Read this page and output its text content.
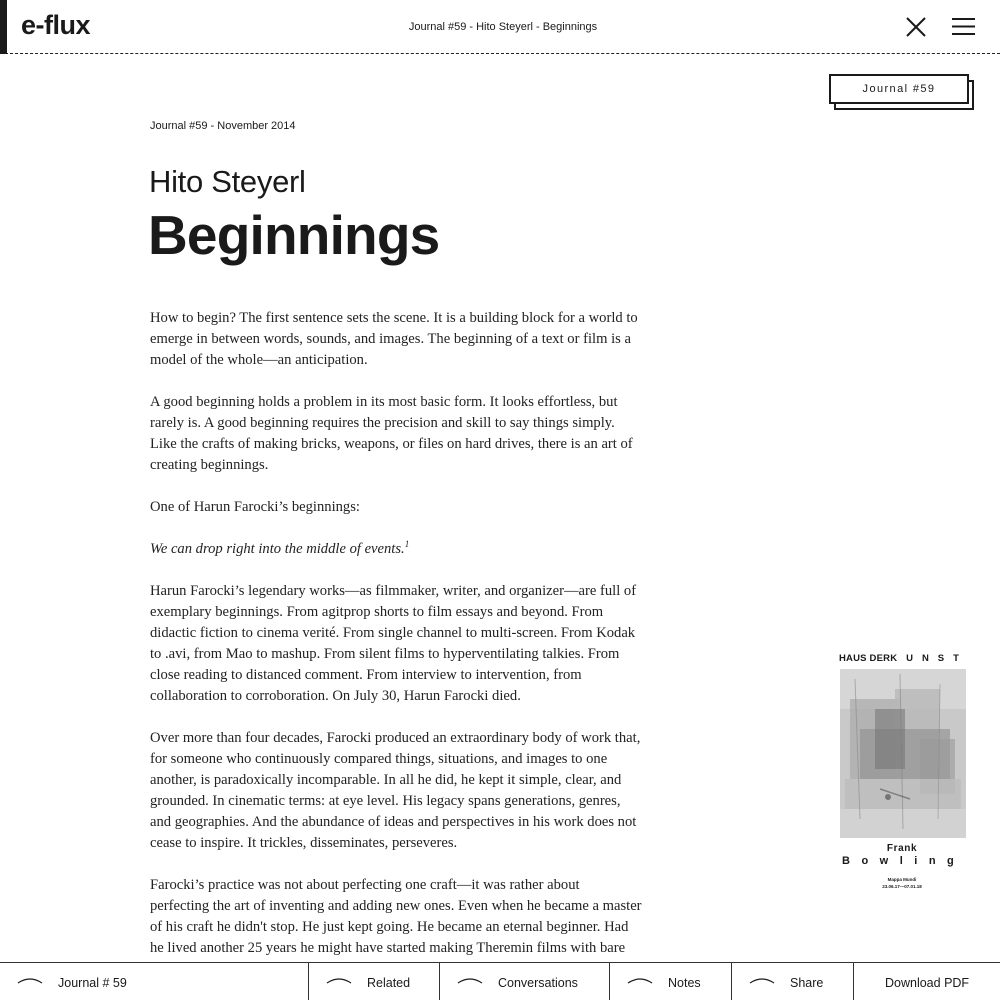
e-flux	Journal #59 - Hito Steyerl - Beginnings
Journal #59
Journal #59 - November 2014
Hito Steyerl
Beginnings

How to begin? The first sentence sets the scene. It is a building block for a world to emerge in between words, sounds, and images. The beginning of a text or film is a model of the whole—an anticipation.

A good beginning holds a problem in its most basic form. It looks effortless, but rarely is. A good beginning requires the precision and skill to say things simply. Like the crafts of making bricks, weapons, or files on hard drives, there is an art of creating beginnings.

One of Harun Farocki’s beginnings:

We can drop right into the middle of events.$^1$

Harun Farocki’s legendary works—as filmmaker, writer, and organizer—are full of exemplary beginnings. From agitprop shorts to film essays and beyond. From didactic fiction to cinema verité. From single channel to multi-screen. From Kodak to .avi, from Mao to mashup. From silent films to hyperventilating talkies. From close reading to distanced comment. From interview to intervention, from collaboration to corroboration. On July 30, Harun Farocki died.

Over more than four decades, Farocki produced an extraordinary body of work that, for someone who continuously compared things, situations, and images to one another, is paradoxically incomparable. In all he did, he kept it simple, clear, and grounded. In cinematic terms: at eye level. His legacy spans generations, genres, and geographies. And the abundance of ideas and perspectives in his work does not cease to inspire. It trickles, disseminates, perseveres.

Farocki’s practice was not about perfecting one craft—it was rather about perfecting the art of inventing and adding new ones. Even when he became a master of his craft he didn't stop. He just kept going. He became an eternal beginner. Had he lived another 25 years he might have started making Theremin films with bare

HAUS DERKUNST
Frank
Bowling
Mappa Mundi
23.06.17—07.01.18
Journal # 59	Related	Conversations	Notes	Share	Download PDF
